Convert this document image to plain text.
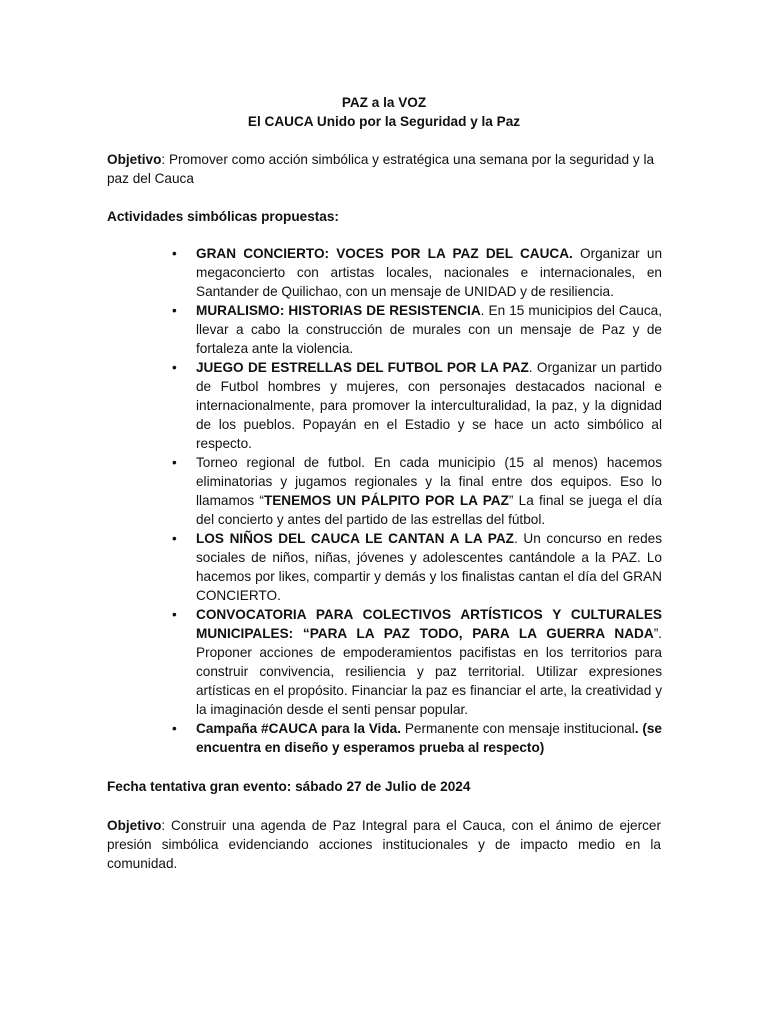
PAZ a la VOZ
El CAUCA Unido por la Seguridad y la Paz
Objetivo: Promover como acción simbólica y estratégica una semana por la seguridad y la paz del Cauca
Actividades simbólicas propuestas:
• GRAN CONCIERTO: VOCES POR LA PAZ DEL CAUCA. Organizar un megaconcierto con artistas locales, nacionales e internacionales, en Santander de Quilichao, con un mensaje de UNIDAD y de resiliencia.
• MURALISMO: HISTORIAS DE RESISTENCIA. En 15 municipios del Cauca, llevar a cabo la construcción de murales con un mensaje de Paz y de fortaleza ante la violencia.
• JUEGO DE ESTRELLAS DEL FUTBOL POR LA PAZ. Organizar un partido de Futbol hombres y mujeres, con personajes destacados nacional e internacionalmente, para promover la interculturalidad, la paz, y la dignidad de los pueblos. Popayán en el Estadio y se hace un acto simbólico al respecto.
• Torneo regional de futbol. En cada municipio (15 al menos) hacemos eliminatorias y jugamos regionales y la final entre dos equipos. Eso lo llamamos “TENEMOS UN PÁLPITO POR LA PAZ” La final se juega el día del concierto y antes del partido de las estrellas del fútbol.
• LOS NIÑOS DEL CAUCA LE CANTAN A LA PAZ. Un concurso en redes sociales de niños, niñas, jóvenes y adolescentes cantándole a la PAZ. Lo hacemos por likes, compartir y demás y los finalistas cantan el día del GRAN CONCIERTO.
• CONVOCATORIA PARA COLECTIVOS ARTÍSTICOS Y CULTURALES MUNICIPALES: “PARA LA PAZ TODO, PARA LA GUERRA NADA”. Proponer acciones de empoderamientos pacifistas en los territorios para construir convivencia, resiliencia y paz territorial. Utilizar expresiones artísticas en el propósito. Financiar la paz es financiar el arte, la creatividad y la imaginación desde el senti pensar popular.
• Campaña #CAUCA para la Vida. Permanente con mensaje institucional. (se encuentra en diseño y esperamos prueba al respecto)
Fecha tentativa gran evento: sábado 27 de Julio de 2024
Objetivo: Construir una agenda de Paz Integral para el Cauca, con el ánimo de ejercer presión simbólica evidenciando acciones institucionales y de impacto medio en la comunidad.
